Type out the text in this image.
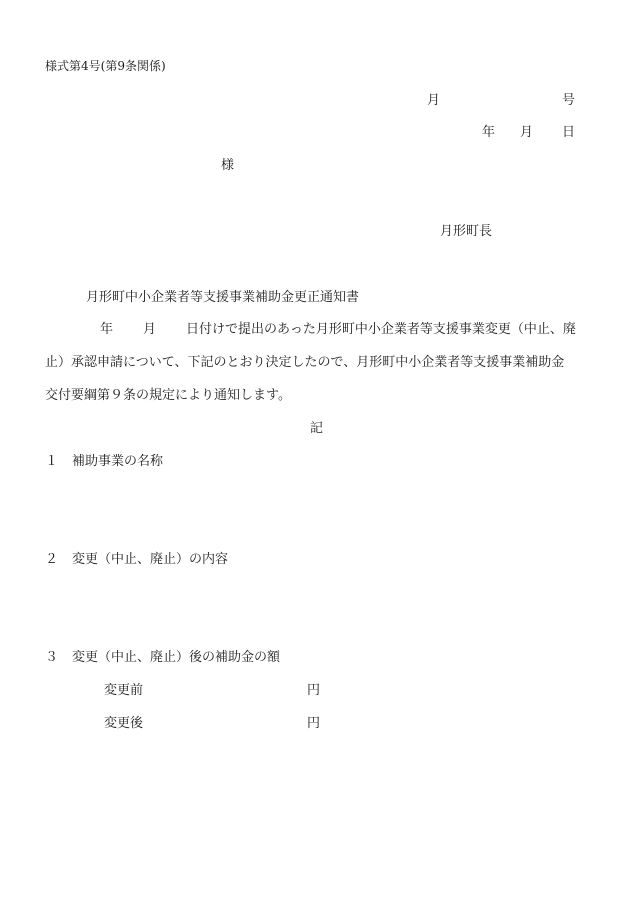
様式第4号(第9条関係)
月	号
年 月 日
様
月形町長
月形町中小企業者等支援事業補助金更正通知書
年 月 日付けで提出のあった月形町中小企業者等支援事業変更（中止、廃
止）承認申請について、下記のとおり決定したので、月形町中小企業者等支援事業補助金
交付要綱第９条の規定により通知します。
記
１ 補助事業の名称
２ 変更（中止、廃止）の内容
３ 変更（中止、廃止）後の補助金の額
変更前	円
変更後	円
